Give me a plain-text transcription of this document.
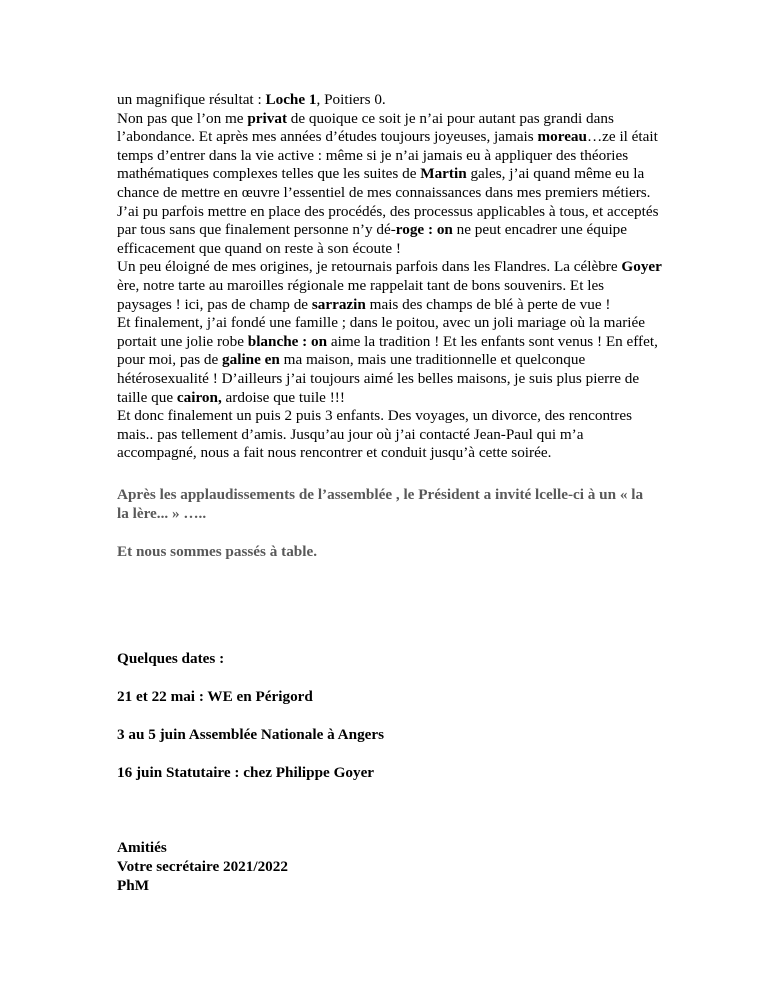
un magnifique résultat : Loche 1, Poitiers 0.
Non pas que l’on me privat de quoique ce soit je n’ai pour autant pas grandi dans
l’abondance. Et après mes années d’études toujours joyeuses, jamais moreau…ze il était
temps d’entrer dans la vie active : même si je n’ai jamais eu à appliquer des théories
mathématiques complexes telles que les suites de Martin gales, j’ai quand même eu la
chance de mettre en œuvre l’essentiel de mes connaissances dans mes premiers métiers.
J’ai pu parfois mettre en place des procédés, des processus applicables à tous, et acceptés
par tous sans que finalement personne n’y dé-roge : on ne peut encadrer une équipe
efficacement que quand on reste à son écoute !
Un peu éloigné de mes origines, je retournais parfois dans les Flandres. La célèbre Goyer
ère, notre tarte au maroilles régionale me rappelait tant de bons souvenirs. Et les
paysages ! ici, pas de champ de sarrazin mais des champs de blé à perte de vue !
Et finalement, j’ai fondé une famille ; dans le poitou, avec un joli mariage où la mariée
portait une jolie robe blanche : on aime la tradition ! Et les enfants sont venus ! En effet,
pour moi, pas de galine en ma maison, mais une traditionnelle et quelconque
hétérosexualité ! D’ailleurs j’ai toujours aimé les belles maisons, je suis plus pierre de
taille que cairon, ardoise que tuile !!!
Et donc finalement un puis 2 puis 3 enfants. Des voyages, un divorce, des rencontres
mais.. pas tellement d’amis. Jusqu’au jour où j’ai contacté Jean-Paul qui m’a
accompagné, nous a fait nous rencontrer et conduit jusqu’à cette soirée.
Après les applaudissements de l’assemblée , le Président a invité lcelle-ci à un « la
la lère... » …..
Et nous sommes passés à table.
Quelques dates :
21 et 22 mai : WE en Périgord
3 au 5 juin Assemblée Nationale à Angers
16 juin Statutaire : chez Philippe Goyer
Amitiés
Votre secrétaire 2021/2022
PhM
